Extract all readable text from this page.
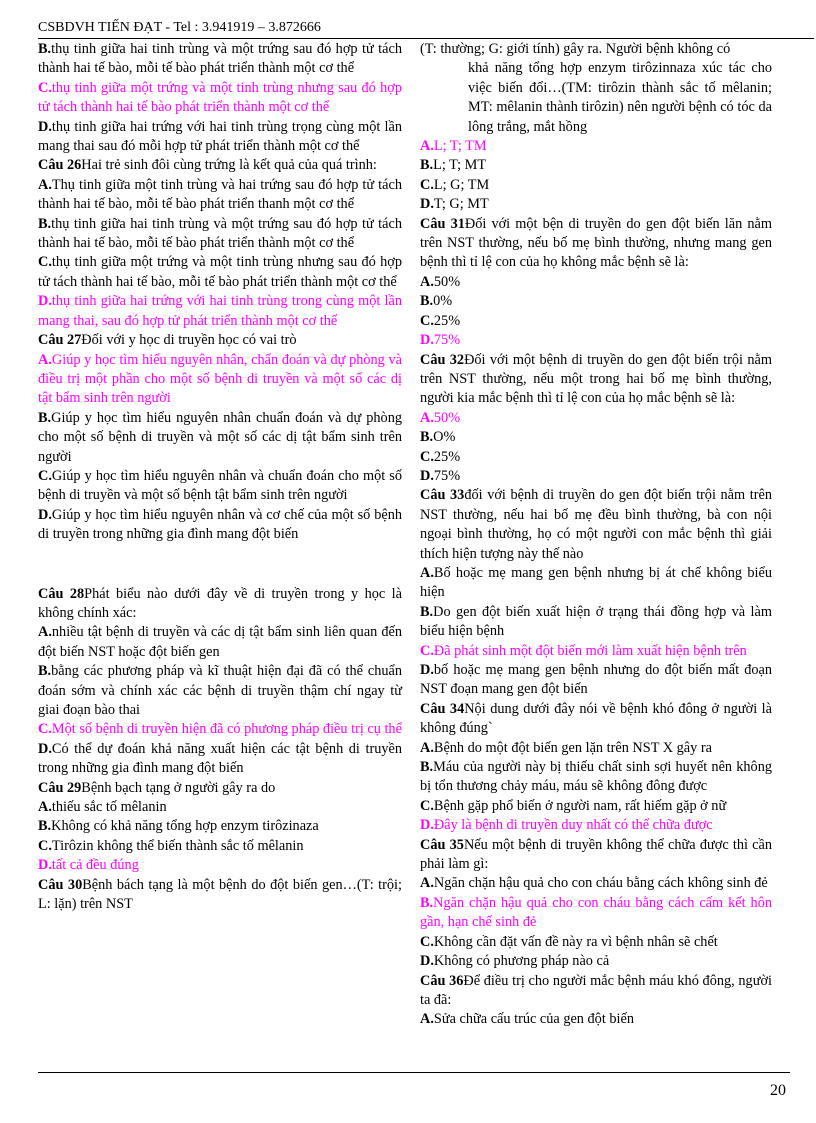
CSBDVH TIẾN ĐẠT - Tel : 3.941919 – 3.872666

B.thụ tinh giữa hai tinh trùng và một trứng sau đó hợp tử tách thành hai tế bào, mỗi tế bào phát triển thành một cơ thể

C.thụ tinh giữa một trứng và một tinh trùng nhưng sau đó hợp tử tách thành hai tế bào phát triển thành một cơ thể

D.thụ tinh giữa hai trứng với hai tinh trùng trọng cùng một lần mang thai sau đó mỗi hợp tử phát triển thành một cơ thể

Câu 26Hai trẻ sinh đôi cùng trứng là kết quả của quá trình:

A.Thụ tinh giữa một tinh trùng và hai trứng sau đó hợp tử tách thành hai tế bào, mỗi tế bào phát triển thanh một cơ thể

B.thụ tinh giữa hai tinh trùng và một trứng sau đó hợp tử tách thành hai tế bào, mỗi tế bào phát triển thành một cơ thể

C.thụ tinh giữa một trứng và một tinh trùng nhưng sau đó hợp tử tách thành hai tế bào, mỗi tế bào phát triển thành một cơ thể

D.thụ tinh giữa hai trứng với hai tinh trùng trong cùng một lần mang thai, sau đó hợp tử phát triển thành một cơ thể

Câu 27Đối với y học di truyền học có vai trò

A.Giúp y học tìm hiểu nguyên nhân, chẩn đoán và dự phòng và điều trị một phần cho một số bệnh di truyền và một số các dị tật bẩm sinh trên người

B.Giúp y học tìm hiểu nguyên nhân chuẩn đoán và dự phòng cho một số bệnh di truyền và một số các dị tật bẩm sinh trên người

C.Giúp y học tìm hiểu nguyên nhân và chuẩn đoán cho một số bệnh di truyền và một số bệnh tật bẩm sinh trên người

D.Giúp y học tìm hiểu nguyên nhân và cơ chế của một số bệnh di truyền trong những gia đình mang đột biến

Câu 28Phát biểu nào dưới đây về di truyền trong y học là không chính xác:

A.nhiều tật bệnh di truyền và các dị tật bẩm sinh liên quan đến đột biến NST hoặc đột biến gen

B.bằng các phương pháp và kĩ thuật hiện đại đã có thể chuẩn đoán sớm và chính xác các bệnh di truyền thậm chí ngay từ giai đoạn bào thai

C.Một số bệnh di truyền hiện đã có phương pháp điều trị cụ thể

D.Có thể dự đoán khả năng xuất hiện các tật bệnh di truyền trong những gia đình mang đột biến

Câu 29Bệnh bạch tạng ở người gây ra do

A.thiếu sắc tố mêlanin

B.Không có khả năng tổng hợp enzym tirôzinaza

C.Tirôzin không thể biến thành sắc tố mêlanin

D.tất cả đều đúng

Câu 30Bệnh bách tạng là một bệnh do đột biến gen…(T: trội; L: lặn) trên NST

(T: thường; G: giới tính) gây ra. Người bệnh không có

khả năng tổng hợp enzym tirôzinnaza xúc tác cho việc biến đổi…(TM: tirôzin thành sắc tố mêlanin; MT: mêlanin thành tirôzin) nên người bệnh có tóc da lông trắng, mắt hồng

A.L; T; TM

B.L; T; MT

C.L; G; TM

D.T; G; MT

Câu 31Đối với một bện di truyền do gen đột biến lăn nằm trên NST thường, nếu bố mẹ bình thường, nhưng mang gen bệnh thì tỉ lệ con của họ không mắc bệnh sẽ là:

A.50%

B.0%

C.25%

D.75%

Câu 32Đối với một bệnh di truyền do gen đột biến trội nằm trên NST thường, nếu một trong hai bố mẹ bình thường, người kia mắc bệnh thì tỉ lệ con của họ mắc bệnh sẽ là:

A.50%

B.O%

C.25%

D.75%

Câu 33đối với bệnh di truyền do gen đột biến trội nằm trên NST thường, nếu hai bố mẹ đều bình thường, bà con nội ngoại bình thường, họ có một người con mắc bệnh thì giải thích hiện tượng này thế nào

A.Bố hoặc mẹ mang gen bệnh nhưng bị át chế không biểu hiện

B.Do gen đột biến xuất hiện ở trạng thái đồng hợp và làm biểu hiện bệnh

C.Đã phát sinh một đột biến mới làm xuất hiện bệnh trên

D.bố hoặc mẹ mang gen bệnh nhưng do đột biến mất đoạn NST đoạn mang gen đột biến

Câu 34Nội dung dưới đây nói về bệnh khó đông ở người là không đúng`

A.Bệnh do một đột biến gen lặn trên NST X gây ra

B.Máu của người này bị thiếu chất sinh sợi huyết nên không bị tổn thương chảy máu, máu sẽ không đông được

C.Bệnh gặp phổ biến ở người nam, rất hiếm gặp ở nữ

D.Đây là bệnh di truyền duy nhất có thể chữa được

Câu 35Nếu một bệnh di truyền không thể chữa được thì cần phải làm gì:

A.Ngăn chặn hậu quả cho con cháu bằng cách không sinh đẻ

B.Ngăn chặn hậu quả cho con cháu bằng cách cấm kết hôn gần, hạn chế sinh đẻ

C.Không cần đặt vấn đề này ra vì bệnh nhân sẽ chết

D.Không có phương pháp nào cả

Câu 36Để điều trị cho người mắc bệnh máu khó đông, người ta đã:

A.Sửa chữa cấu trúc của gen đột biến

20
